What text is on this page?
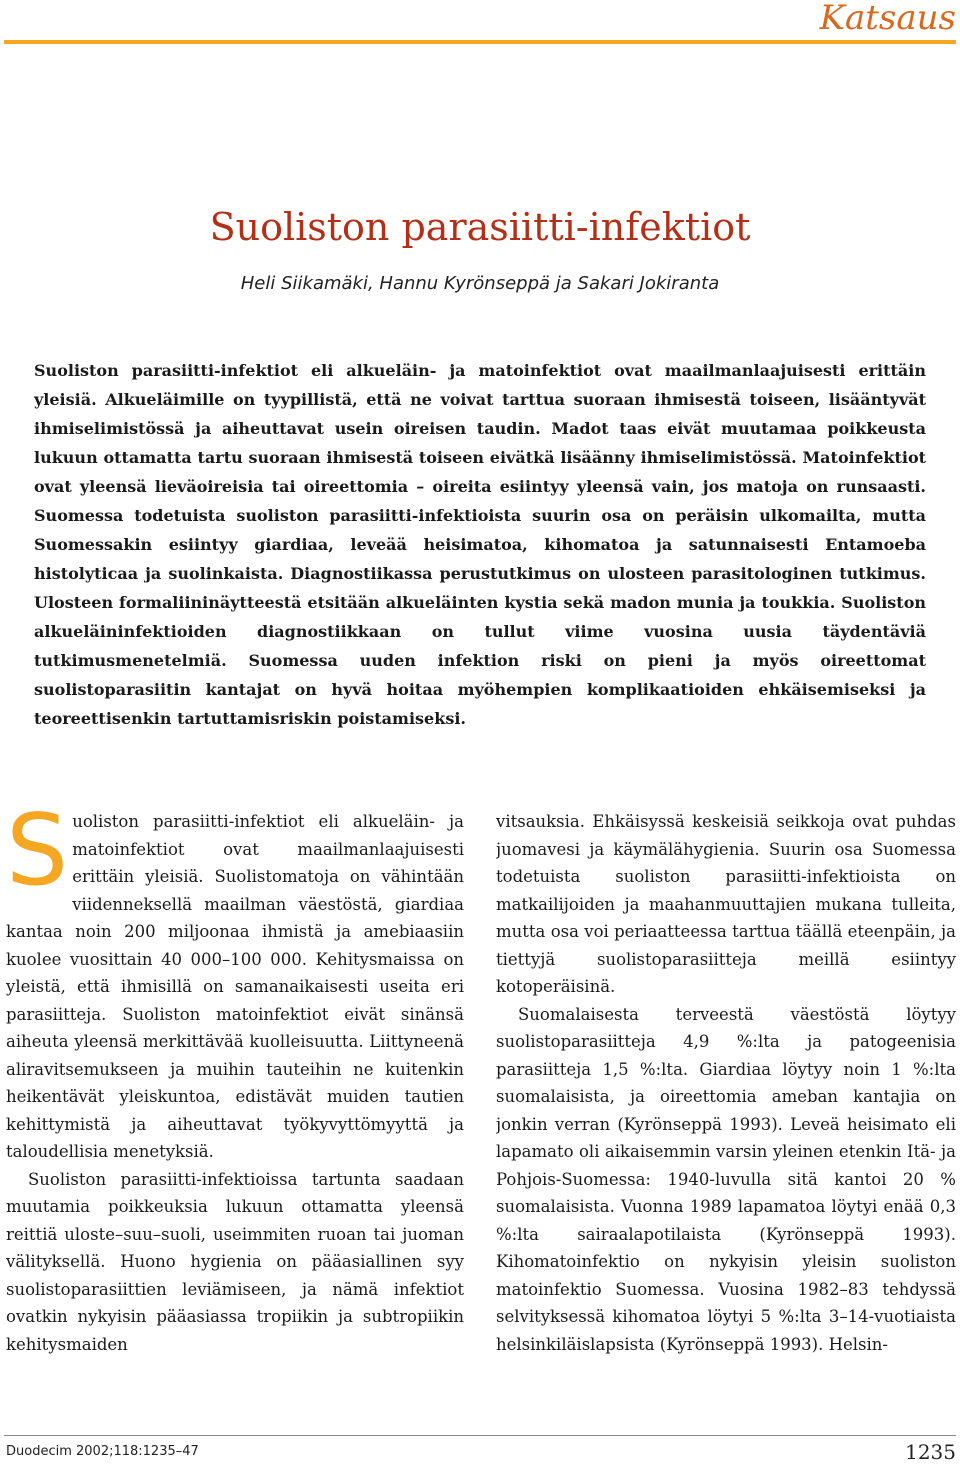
Katsaus
Suoliston parasiitti-infektiot
Heli Siikamäki, Hannu Kyrönseppä ja Sakari Jokiranta

Suoliston parasiitti-infektiot eli alkueläin- ja matoinfektiot ovat maailmanlaajuisesti erittäin yleisiä. Alkueläimille on tyypillistä, että ne voivat tarttua suoraan ihmisestä toiseen, lisääntyvät ihmiselimistössä ja aiheuttavat usein oireisen taudin. Madot taas eivät muutamaa poikkeusta lukuun ottamatta tartu suoraan ihmisestä toiseen eivätkä lisäänny ihmiselimistössä. Matoinfektiot ovat yleensä lieväoireisia tai oireettomia – oireita esiintyy yleensä vain, jos matoja on runsaasti. Suomessa todetuista suoliston parasiitti-infektioista suurin osa on peräisin ulkomailta, mutta Suomessakin esiintyy giardiaa, leveää heisimatoa, kihomatoa ja satunnaisesti Entamoeba histolyticaa ja suolinkaista. Diagnostiikassa perustutkimus on ulosteen parasitologinen tutkimus. Ulosteen formaliininäytteestä etsitään alkueläinten kystia sekä madon munia ja toukkia. Suoliston alkueläininfektioiden diagnostiikkaan on tullut viime vuosina uusia täydentäviä tutkimusmenetelmiä. Suomessa uuden infektion riski on pieni ja myös oireettomat suolistoparasiitin kantajat on hyvä hoitaa myöhempien komplikaatioiden ehkäisemiseksi ja teoreettisenkin tartuttamisriskin poistamiseksi.

Suoliston parasiitti-infektiot eli alkueläin- ja matoinfektiot ovat maailmanlaajuisesti erittäin yleisiä. Suolistomatoja on vähintään viidenneksellä maailman väestöstä, giardiaa kantaa noin 200 miljoonaa ihmistä ja amebiaasiin kuolee vuosittain 40 000–100 000. Kehitysmaissa on yleistä, että ihmisillä on samanaikaisesti useita eri parasiitteja. Suoliston matoinfektiot eivät sinänsä aiheuta yleensä merkittävää kuolleisuutta. Liittyneenä aliravitsemukseen ja muihin tauteihin ne kuitenkin heikentävät yleiskuntoa, edistävät muiden tautien kehittymistä ja aiheuttavat työkyvyttömyyttä ja taloudellisia menetyksiä.

Suoliston parasiitti-infektioissa tartunta saadaan muutamia poikkeuksia lukuun ottamatta yleensä reittiä uloste–suu–suoli, useimmiten ruoan tai juoman välityksellä. Huono hygienia on pääasiallinen syy suolistoparasiittien leviämiseen, ja nämä infektiot ovatkin nykyisin pääasiassa tropiikin ja subtropiikin kehitysmaiden

vitsauksia. Ehkäisyssä keskeisiä seikkoja ovat puhdas juomavesi ja käymälähygienia. Suurin osa Suomessa todetuista suoliston parasiitti-infektioista on matkailijoiden ja maahanmuuttajien mukana tulleita, mutta osa voi periaatteessa tarttua täällä eteenpäin, ja tiettyjä suolistoparasiitteja meillä esiintyy kotoperäisinä.

Suomalaisesta terveestä väestöstä löytyy suolistoparasiitteja 4,9 %:lta ja patogeenisia parasiitteja 1,5 %:lta. Giardiaa löytyy noin 1 %:lta suomalaisista, ja oireettomia ameban kantajia on jonkin verran (Kyrönseppä 1993). Leveä heisimato eli lapamato oli aikaisemmin varsin yleinen etenkin Itä- ja Pohjois-Suomessa: 1940-luvulla sitä kantoi 20 % suomalaisista. Vuonna 1989 lapamatoa löytyi enää 0,3 %:lta sairaalapotilaista (Kyrönseppä 1993). Kihomatoinfektio on nykyisin yleisin suoliston matoinfektio Suomessa. Vuosina 1982–83 tehdyssä selvityksessä kihomatoa löytyi 5 %:lta 3–14-vuotiaista helsinkiläislapsista (Kyrönseppä 1993). Helsin-

Duodecim 2002;118:1235–47	1235
